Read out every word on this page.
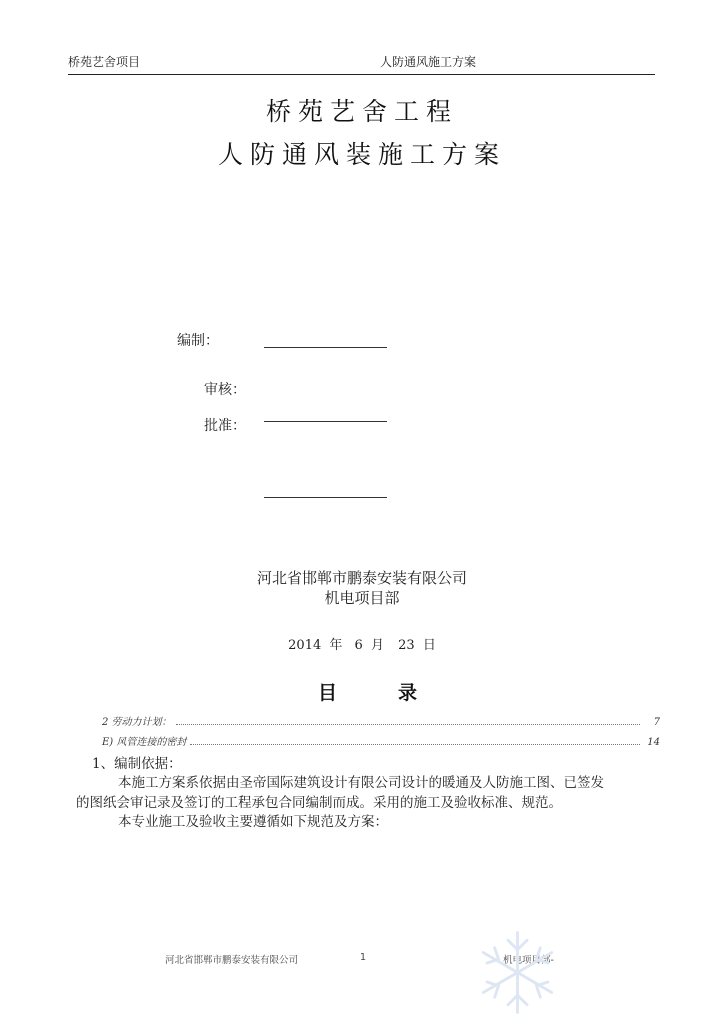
桥苑艺舍项目	人防通风施工方案
桥苑艺舍工程
人防通风装施工方案
编制：
审核：
批准：
河北省邯郸市鹏泰安装有限公司
机电项目部
2014 年 6 月 23 日
目	录
2 劳动力计划：	7
E) 风管连接的密封	14
1、编制依据：
本施工方案系依据由圣帝国际建筑设计有限公司设计的暖通及人防施工图、已签发
的图纸会审记录及签订的工程承包合同编制而成。采用的施工及验收标准、规范。
本专业施工及验收主要遵循如下规范及方案：
河北省邯郸市鹏泰安装有限公司	1	机电项目部-
